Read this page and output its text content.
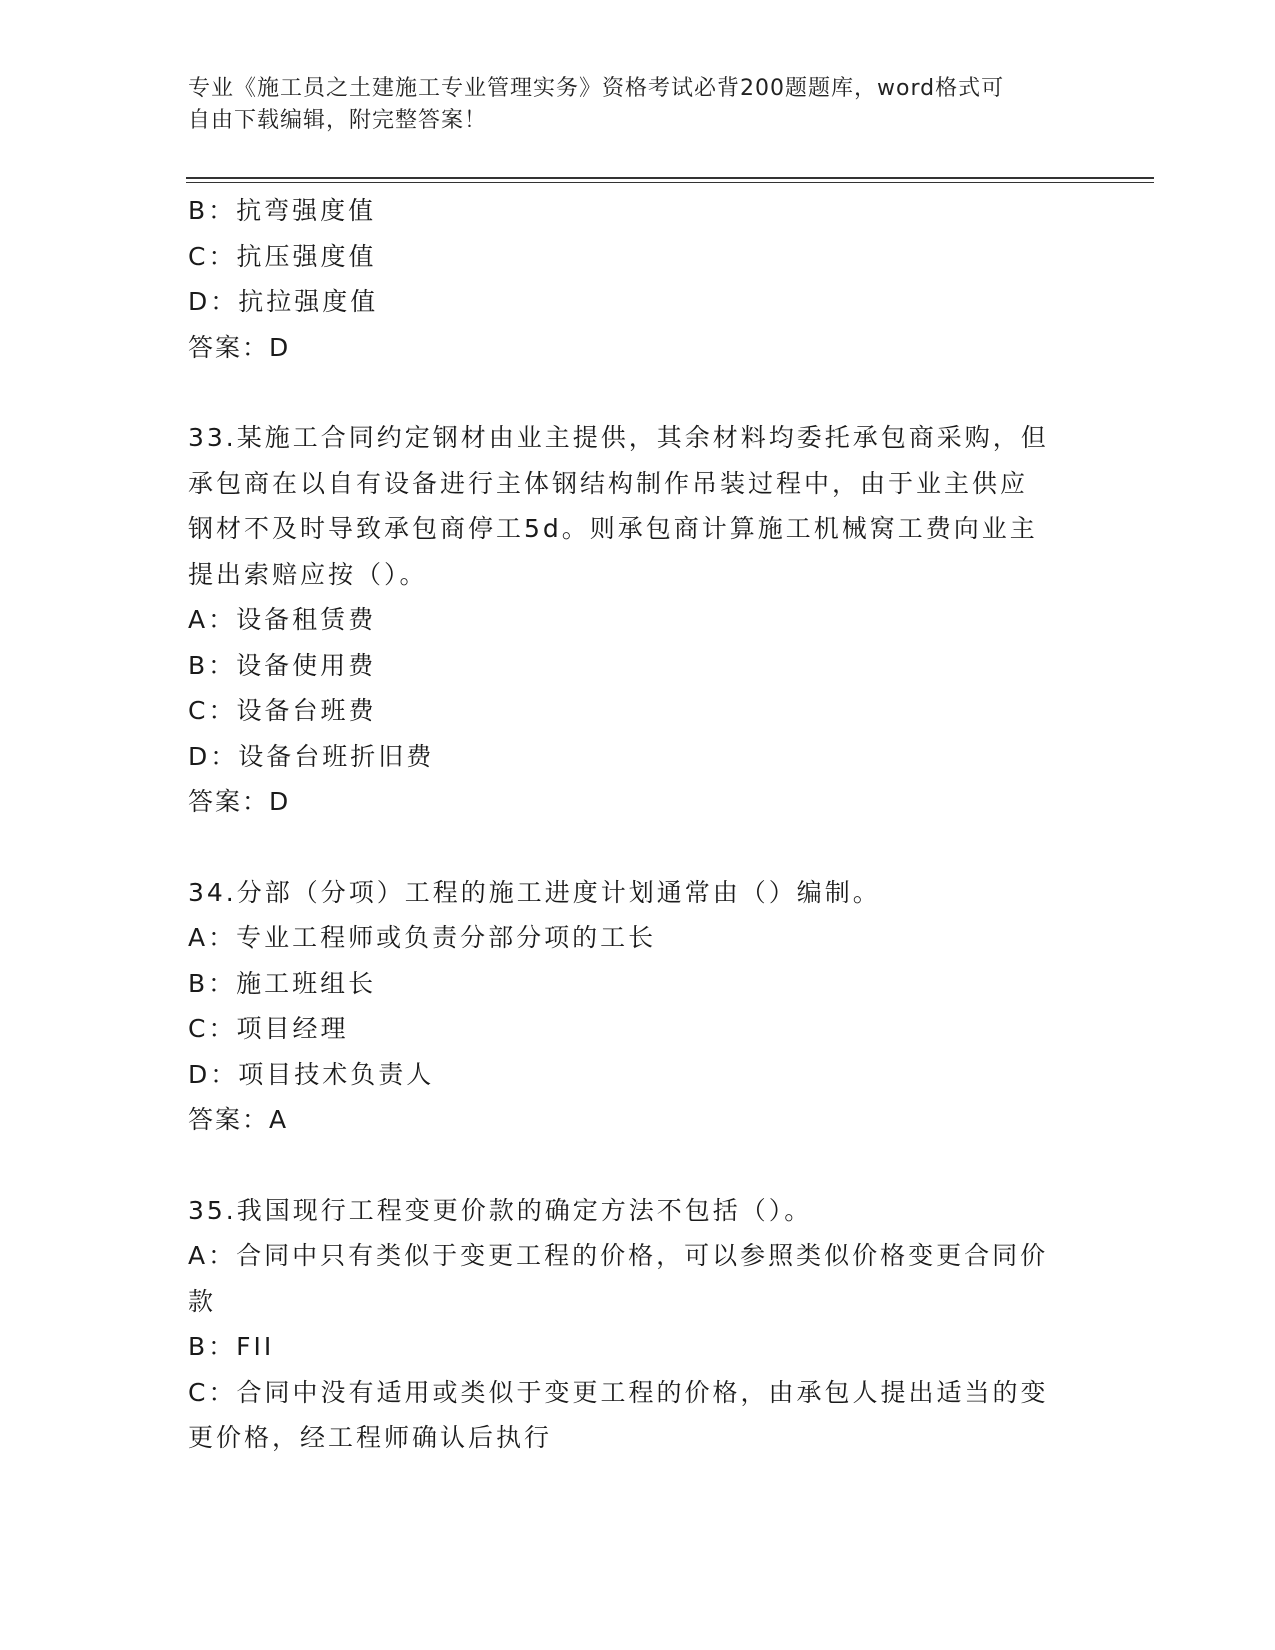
专业《施工员之土建施工专业管理实务》资格考试必背200题题库，word格式可
自由下载编辑，附完整答案！

B：抗弯强度值

C：抗压强度值

D：抗拉强度值

答案：D

33.某施工合同约定钢材由业主提供，其余材料均委托承包商采购，但

承包商在以自有设备进行主体钢结构制作吊装过程中，由于业主供应

钢材不及时导致承包商停工5d。则承包商计算施工机械窝工费向业主

提出索赔应按（）。

A：设备租赁费

B：设备使用费

C：设备台班费

D：设备台班折旧费

答案：D

34.分部（分项）工程的施工进度计划通常由（）编制。

A：专业工程师或负责分部分项的工长

B：施工班组长

C：项目经理

D：项目技术负责人

答案：A

35.我国现行工程变更价款的确定方法不包括（）。

A：合同中只有类似于变更工程的价格，可以参照类似价格变更合同价

款

B：FII

C：合同中没有适用或类似于变更工程的价格，由承包人提出适当的变

更价格，经工程师确认后执行
